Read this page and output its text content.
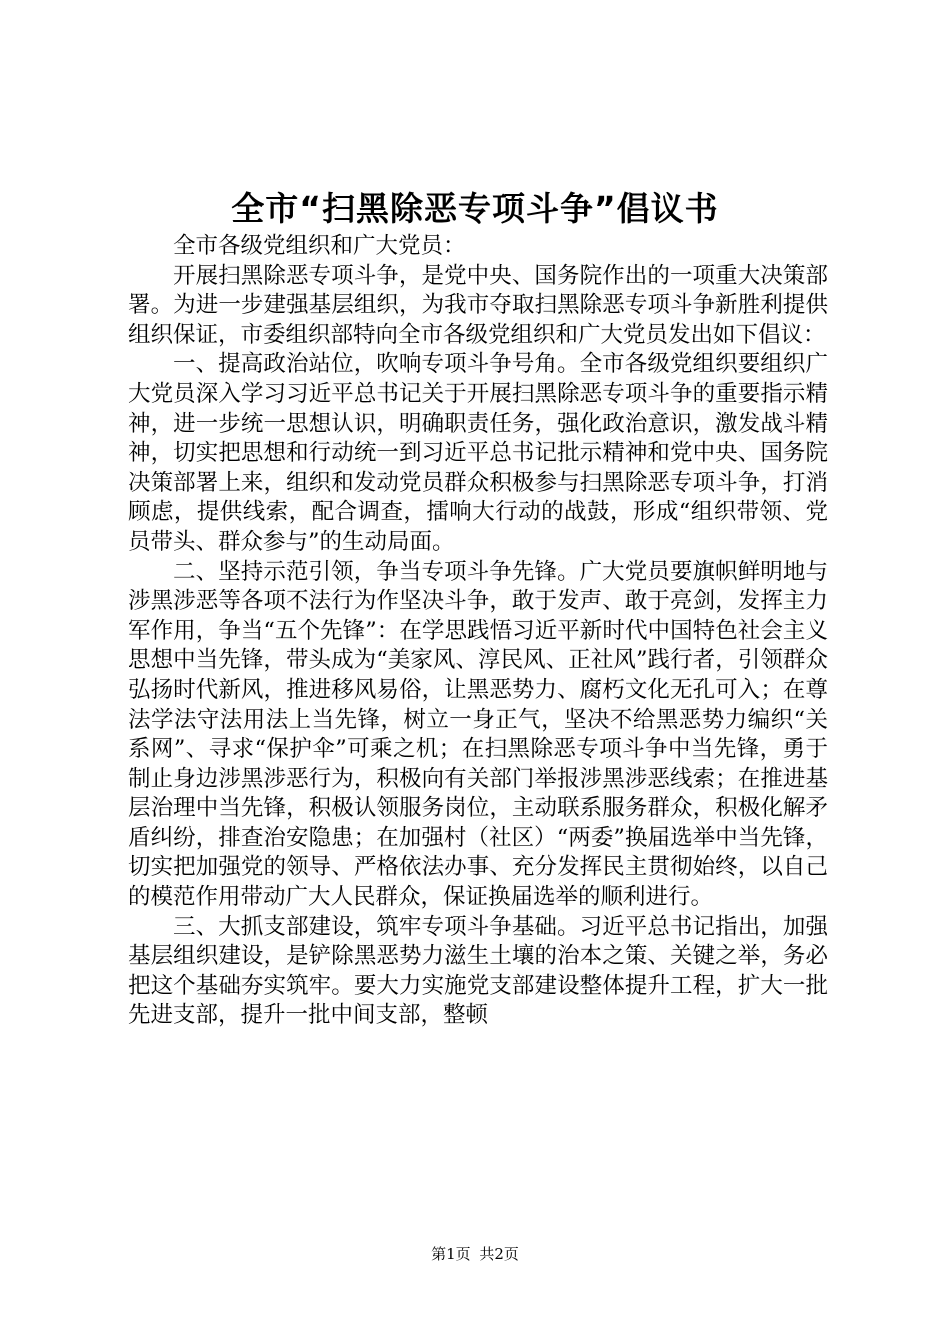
全市“扫黑除恶专项斗争”倡议书

全市各级党组织和广大党员：

开展扫黑除恶专项斗争，是党中央、国务院作出的一项重大决策部署。为进一步建强基层组织，为我市夺取扫黑除恶专项斗争新胜利提供组织保证，市委组织部特向全市各级党组织和广大党员发出如下倡议：

一、提高政治站位，吹响专项斗争号角。全市各级党组织要组织广大党员深入学习习近平总书记关于开展扫黑除恶专项斗争的重要指示精神，进一步统一思想认识，明确职责任务，强化政治意识，激发战斗精神，切实把思想和行动统一到习近平总书记批示精神和党中央、国务院决策部署上来，组织和发动党员群众积极参与扫黑除恶专项斗争，打消顾虑，提供线索，配合调查，擂响大行动的战鼓，形成“组织带领、党员带头、群众参与”的生动局面。

二、坚持示范引领，争当专项斗争先锋。广大党员要旗帜鲜明地与涉黑涉恶等各项不法行为作坚决斗争，敢于发声、敢于亮剑，发挥主力军作用，争当“五个先锋”：在学思践悟习近平新时代中国特色社会主义思想中当先锋，带头成为“美家风、淳民风、正社风”践行者，引领群众弘扬时代新风，推进移风易俗，让黑恶势力、腐朽文化无孔可入；在尊法学法守法用法上当先锋，树立一身正气，坚决不给黑恶势力编织“关系网”、寻求“保护伞”可乘之机；在扫黑除恶专项斗争中当先锋，勇于制止身边涉黑涉恶行为，积极向有关部门举报涉黑涉恶线索；在推进基层治理中当先锋，积极认领服务岗位，主动联系服务群众，积极化解矛盾纠纷，排查治安隐患；在加强村（社区）“两委”换届选举中当先锋，切实把加强党的领导、严格依法办事、充分发挥民主贯彻始终，以自己的模范作用带动广大人民群众，保证换届选举的顺利进行。

三、大抓支部建设，筑牢专项斗争基础。习近平总书记指出，加强基层组织建设，是铲除黑恶势力滋生土壤的治本之策、关键之举，务必把这个基础夯实筑牢。要大力实施党支部建设整体提升工程，扩大一批先进支部，提升一批中间支部，整顿

第1页 共2页
